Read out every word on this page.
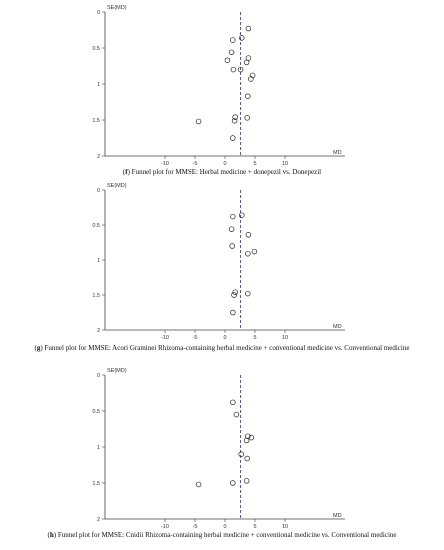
0
0.5
1
1.5
2
-10	-5	0	5	10
SE(MD)
MD
(f) Funnel plot for MMSE: Herbal medicine + donepezil vs. Donepezil
0
0.5
1
1.5
2
-10	-5	0	5	10
SE(MD)
MD
(g) Funnel plot for MMSE: Acori Graminei Rhizoma-containing herbal medicine + conventional medicine vs. Conventional medicine
0
0.5
1
1.5
2
-10	-5	0	5	10
SE(MD)
MD
(h) Funnel plot for MMSE: Cnidii Rhizoma-containing herbal medicine + conventional medicine vs. Conventional medicine
